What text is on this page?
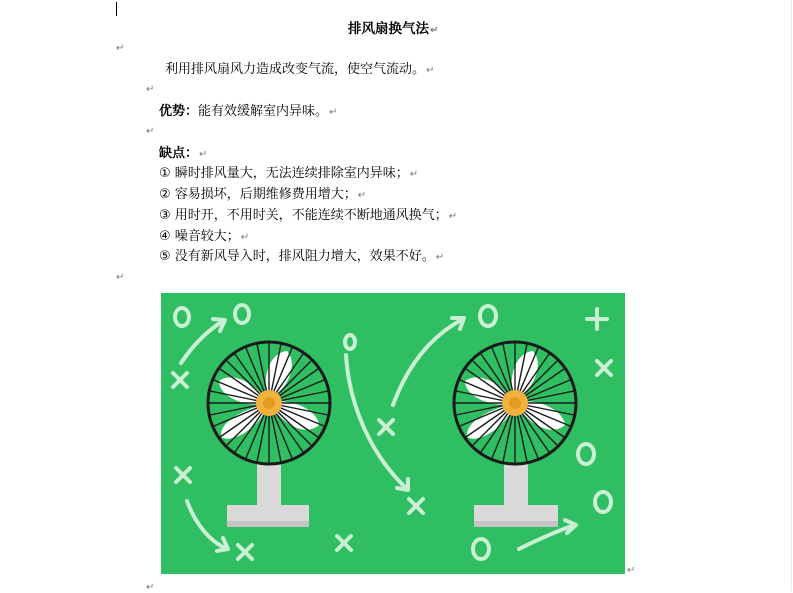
排风扇换气法↵
↵
利用排风扇风力造成改变气流，使空气流动。↵
↵
优势：能有效缓解室内异味。↵
↵
缺点：↵
① 瞬时排风量大，无法连续排除室内异味；↵
② 容易损坏，后期维修费用增大；↵
③ 用时开，不用时关，不能连续不断地通风换气；↵
④ 噪音较大；↵
⑤ 没有新风导入时，排风阻力增大，效果不好。↵
↵
↵
↵
